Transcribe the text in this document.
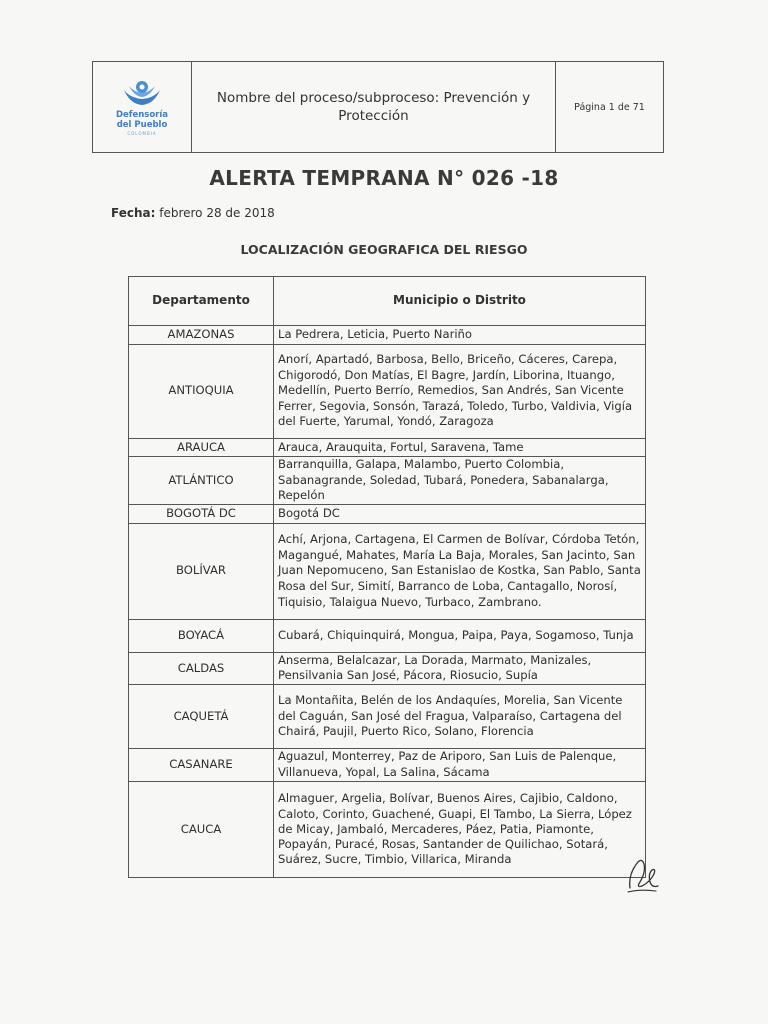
Defensoría
del Pueblo
COLOMBIA
Nombre del proceso/subproceso: Prevención y Protección
Página 1 de 71
ALERTA TEMPRANA N° 026 -18
Fecha: febrero 28 de 2018
LOCALIZACIÓN GEOGRAFICA DEL RIESGO
Departamento	Municipio o Distrito
AMAZONAS	La Pedrera, Leticia, Puerto Nariño
ANTIOQUIA	Anorí, Apartadó, Barbosa, Bello, Briceño, Cáceres, Carepa, Chigorodó, Don Matías, El Bagre, Jardín, Liborina, Ituango, Medellín, Puerto Berrío, Remedios, San Andrés, San Vicente Ferrer, Segovia, Sonsón, Tarazá, Toledo, Turbo, Valdivia, Vigía del Fuerte, Yarumal, Yondó, Zaragoza
ARAUCA	Arauca, Arauquita, Fortul, Saravena, Tame
ATLÁNTICO	Barranquilla, Galapa, Malambo, Puerto Colombia, Sabanagrande, Soledad, Tubará, Ponedera, Sabanalarga, Repelón
BOGOTÁ DC	Bogotá DC
BOLÍVAR	Achí, Arjona, Cartagena, El Carmen de Bolívar, Córdoba Tetón, Magangué, Mahates, María La Baja, Morales, San Jacinto, San Juan Nepomuceno, San Estanislao de Kostka, San Pablo, Santa Rosa del Sur, Simití, Barranco de Loba, Cantagallo, Norosí, Tiquisio, Talaigua Nuevo, Turbaco, Zambrano.
BOYACÁ	Cubará, Chiquinquirá, Mongua, Paipa, Paya, Sogamoso, Tunja
CALDAS	Anserma, Belalcazar, La Dorada, Marmato, Manizales, Pensilvania San José, Pácora, Riosucio, Supía
CAQUETÁ	La Montañita, Belén de los Andaquíes, Morelia, San Vicente del Caguán, San José del Fragua, Valparaíso, Cartagena del Chairá, Paujil, Puerto Rico, Solano, Florencia
CASANARE	Aguazul, Monterrey, Paz de Ariporo, San Luis de Palenque, Villanueva, Yopal, La Salina, Sácama
CAUCA	Almaguer, Argelia, Bolívar, Buenos Aires, Cajibio, Caldono, Caloto, Corinto, Guachené, Guapi, El Tambo, La Sierra, López de Micay, Jambaló, Mercaderes, Páez, Patia, Piamonte, Popayán, Puracé, Rosas, Santander de Quilichao, Sotará, Suárez, Sucre, Timbio, Villarica, Miranda
